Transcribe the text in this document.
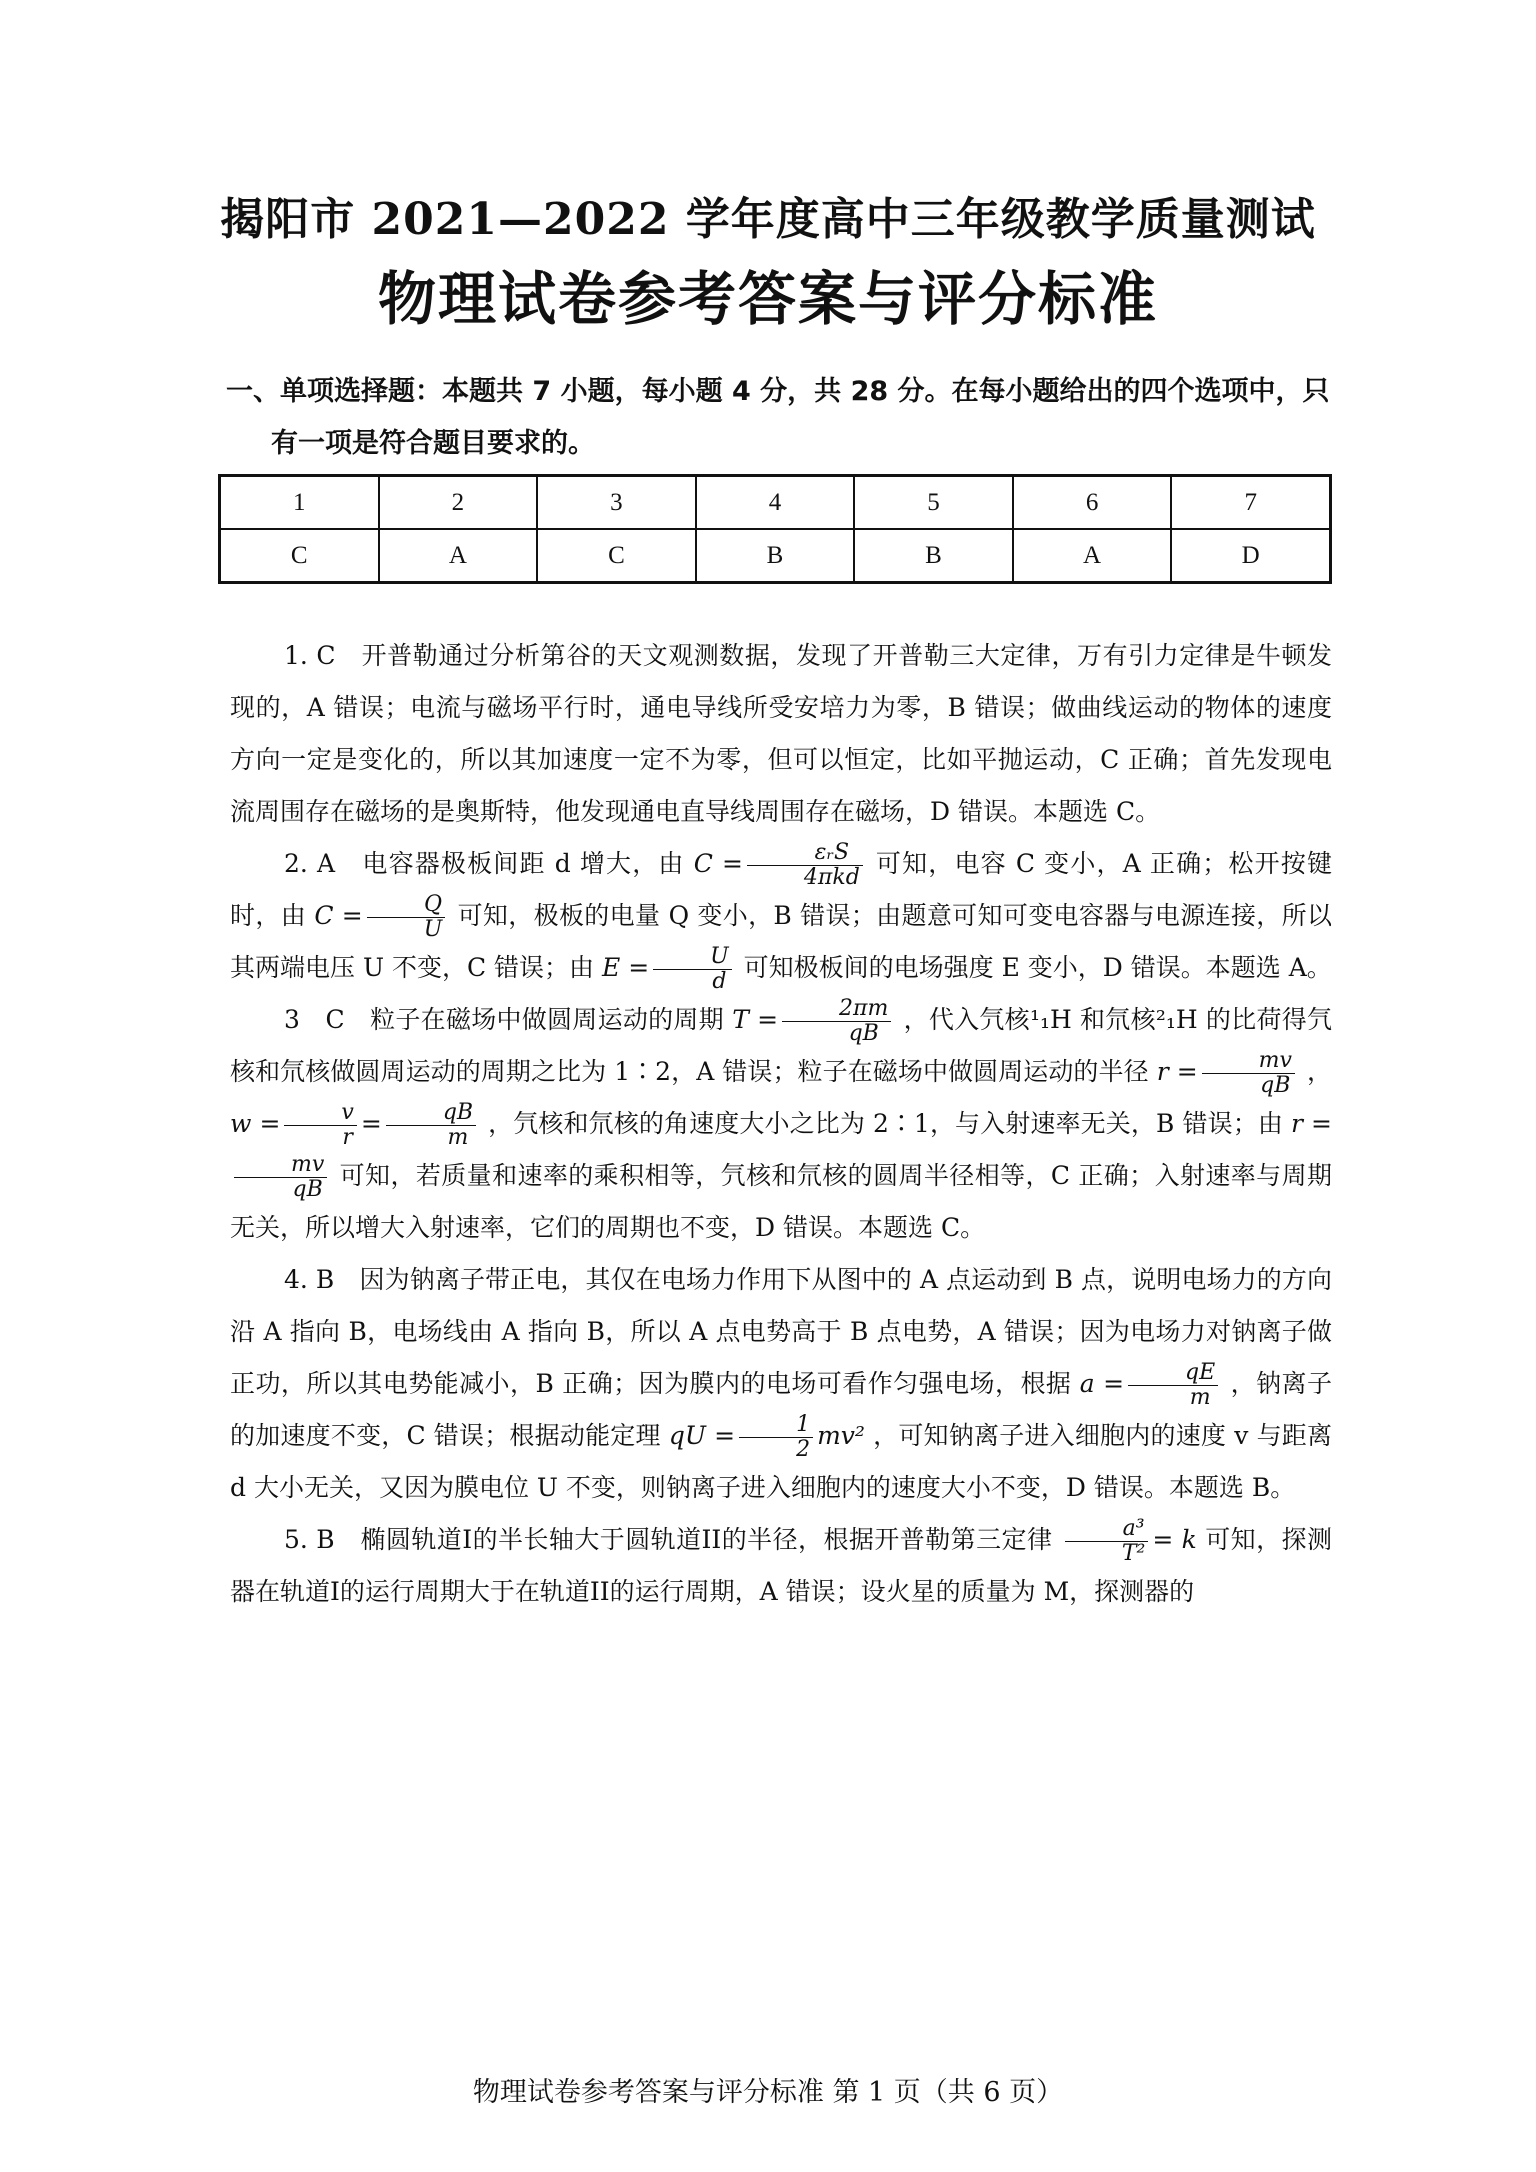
揭阳市 2021—2022 学年度高中三年级教学质量测试
物理试卷参考答案与评分标准
一、单项选择题：本题共 7 小题，每小题 4 分，共 28 分。在每小题给出的四个选项中，只
有一项是符合题目要求的。
1	2	3	4	5	6	7
C	A	C	B	B	A	D

1. C　开普勒通过分析第谷的天文观测数据，发现了开普勒三大定律，万有引力定律是牛顿发现的，A 错误；电流与磁场平行时，通电导线所受安培力为零，B 错误；做曲线运动的物体的速度方向一定是变化的，所以其加速度一定不为零，但可以恒定，比如平抛运动，C 正确；首先发现电流周围存在磁场的是奥斯特，他发现通电直导线周围存在磁场，D 错误。本题选 C。

2. A　电容器极板间距 d 增大，由 $C = \frac{\text{εᵣS}}{\text{4πkd}}$ 可知，电容 C 变小，A 正确；松开按键时，由 $C = \frac{Q}{U}$ 可知，极板的电量 Q 变小，B 错误；由题意可知可变电容器与电源连接，所以其两端电压 U 不变，C 错误；由 $E = \frac{U}{d}$ 可知极板间的电场强度 E 变小，D 错误。本题选 A。

3　C　粒子在磁场中做圆周运动的周期 $T = \frac{2\pi m}{qB}$ ，代入氕核¹₁H 和氘核²₁H 的比荷得氕核和氘核做圆周运动的周期之比为 1∶2，A 错误；粒子在磁场中做圆周运动的半径 $r = \frac{mv}{qB}$ ， $w = \frac{v}{r} = \frac{qB}{m}$ ，氕核和氘核的角速度大小之比为 2∶1，与入射速率无关，B 错误；由 r =
$\frac{mv}{qB}$ 可知，若质量和速率的乘积相等，氕核和氘核的圆周半径相等，C 正确；入射速率与周期无关，所以增大入射速率，它们的周期也不变，D 错误。本题选 C。

4. B　因为钠离子带正电，其仅在电场力作用下从图中的 A 点运动到 B 点，说明电场力的方向沿 A 指向 B，电场线由 A 指向 B，所以 A 点电势高于 B 点电势，A 错误；因为电场力对钠离子做正功，所以其电势能减小，B 正确；因为膜内的电场可看作匀强电场，根据 $a = \frac{qE}{m}$ ，钠离子的加速度不变，C 错误；根据动能定理 qU = $\frac{1}{2} mv^2$ ，可知钠离子进入细胞内的速度 v 与距离 d 大小无关，又因为膜电位 U 不变，则钠离子进入细胞内的速度大小不变，D 错误。本题选 B。

5. B　椭圆轨道I的半长轴大于圆轨道II的半径，根据开普勒第三定律 $\frac{\text{a³}}{\text{T²}} = k$ 可知，探测器在轨道I的运行周期大于在轨道II的运行周期，A 错误；设火星的质量为 M，探测器的

物理试卷参考答案与评分标准 第 1 页（共 6 页）
